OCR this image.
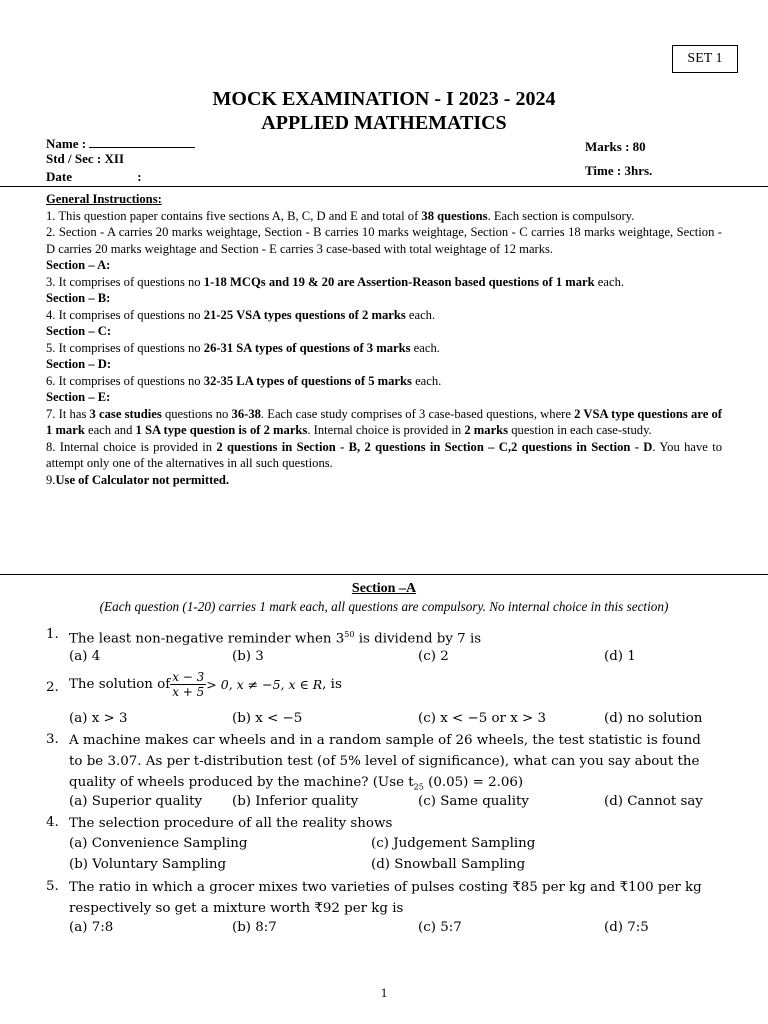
SET 1
MOCK EXAMINATION - I 2023 - 2024
APPLIED MATHEMATICS
Name :
Std / Sec : XII
Date	:
Marks : 80
Time : 3hrs.

General Instructions:

1. This question paper contains five sections A, B, C, D and E and total of 38 questions. Each section is compulsory.

2. Section - A carries 20 marks weightage, Section - B carries 10 marks weightage, Section - C carries 18 marks weightage, Section - D carries 20 marks weightage and Section - E carries 3 case-based with total weightage of 12 marks.

Section – A:

3. It comprises of questions no 1-18 MCQs and 19 & 20 are Assertion-Reason based questions of 1 mark each.

Section – B:

4. It comprises of questions no 21-25 VSA types questions of 2 marks each.

Section – C:

5. It comprises of questions no 26-31 SA types of questions of 3 marks each.

Section – D:

6. It comprises of questions no 32-35 LA types of questions of 5 marks each.

Section – E:

7. It has 3 case studies questions no 36-38. Each case study comprises of 3 case-based questions, where 2 VSA type questions are of 1 mark each and 1 SA type question is of 2 marks. Internal choice is provided in 2 marks question in each case-study.

8. Internal choice is provided in 2 questions in Section - B, 2 questions in Section – C,2 questions in Section - D. You have to attempt only one of the alternatives in all such questions.

9.Use of Calculator not permitted.

Section –A
(Each question (1-20) carries 1 mark each, all questions are compulsory. No internal choice in this section)
1. The least non-negative reminder when $3^{50}$ is dividend by 7 is
(a) 4	(b) 3	(c) 2	(d) 1
2. The solution of $\frac{x - 3}{x + 5} > 0$, x ≠ −5, x ∈ R , is
(a) x > 3	(b) x < −5	(c) x < −5 or x > 3	(d) no solution
3. A machine makes car wheels and in a random sample of 26 wheels, the test statistic is found
to be 3.07. As per t-distribution test (of 5% level of significance), what can you say about the
quality of wheels produced by the machine? (Use $t_{25}$ (0.05) = 2.06)
(a) Superior quality (b) Inferior quality	(c) Same quality	(d) Cannot say
4. The selection procedure of all the reality shows
(a) Convenience Sampling	(c) Judgement Sampling
(b) Voluntary Sampling	(d) Snowball Sampling
5. The ratio in which a grocer mixes two varieties of pulses costing ₹85 per kg and ₹100 per kg
respectively so get a mixture worth ₹92 per kg is
(a) 7:8	(b) 8:7	(c) 5:7	(d) 7:5
1
